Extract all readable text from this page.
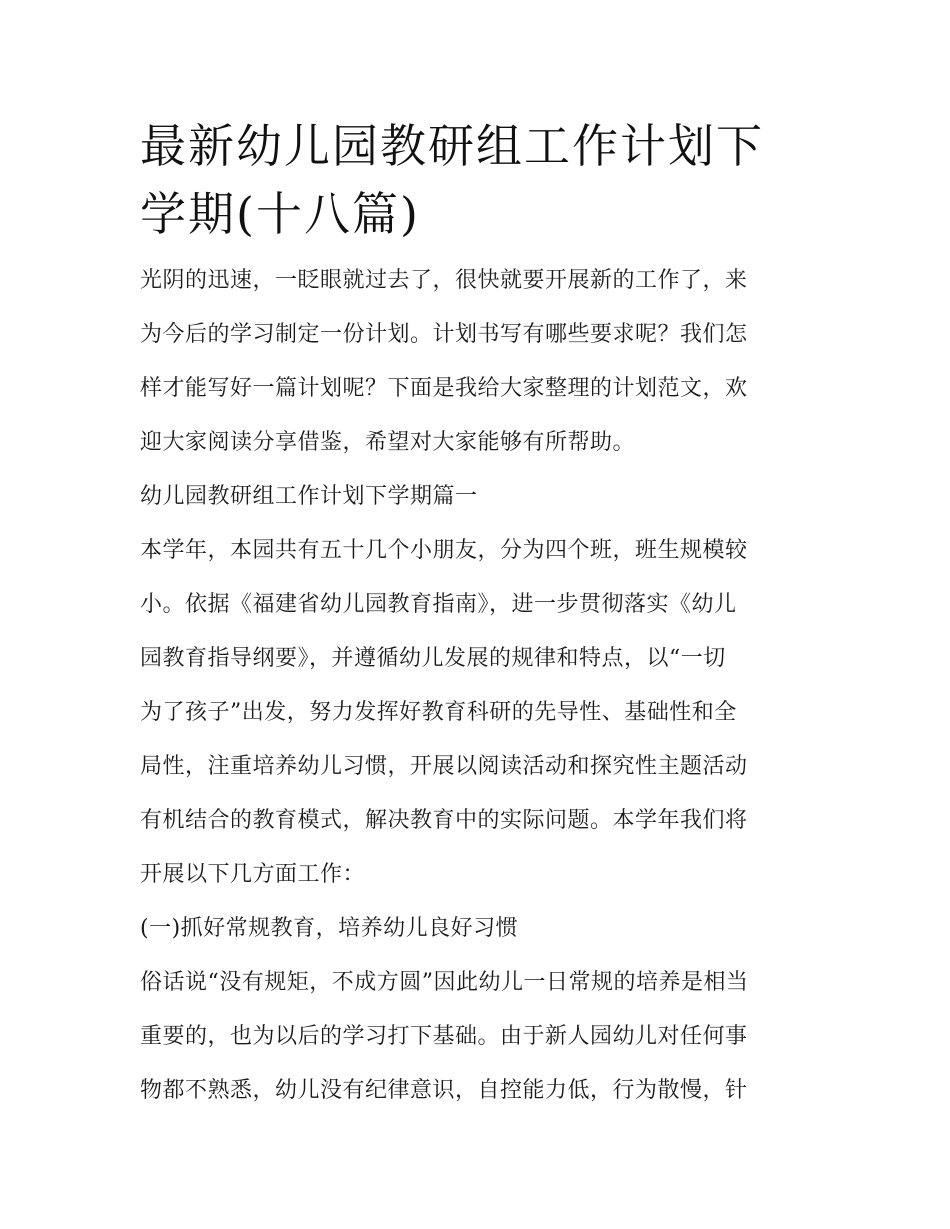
最新幼儿园教研组工作计划下
学期(十八篇)
光阴的迅速，一眨眼就过去了，很快就要开展新的工作了，来
为今后的学习制定一份计划。计划书写有哪些要求呢？我们怎
样才能写好一篇计划呢？下面是我给大家整理的计划范文，欢
迎大家阅读分享借鉴，希望对大家能够有所帮助。
幼儿园教研组工作计划下学期篇一
本学年，本园共有五十几个小朋友，分为四个班，班生规模较
小。依据《福建省幼儿园教育指南》，进一步贯彻落实《幼儿
园教育指导纲要》，并遵循幼儿发展的规律和特点，以“一切
为了孩子”出发，努力发挥好教育科研的先导性、基础性和全
局性，注重培养幼儿习惯，开展以阅读活动和探究性主题活动
有机结合的教育模式，解决教育中的实际问题。本学年我们将
开展以下几方面工作：
(一)抓好常规教育，培养幼儿良好习惯
俗话说“没有规矩，不成方圆”因此幼儿一日常规的培养是相当
重要的，也为以后的学习打下基础。由于新人园幼儿对任何事
物都不熟悉，幼儿没有纪律意识，自控能力低，行为散慢，针
